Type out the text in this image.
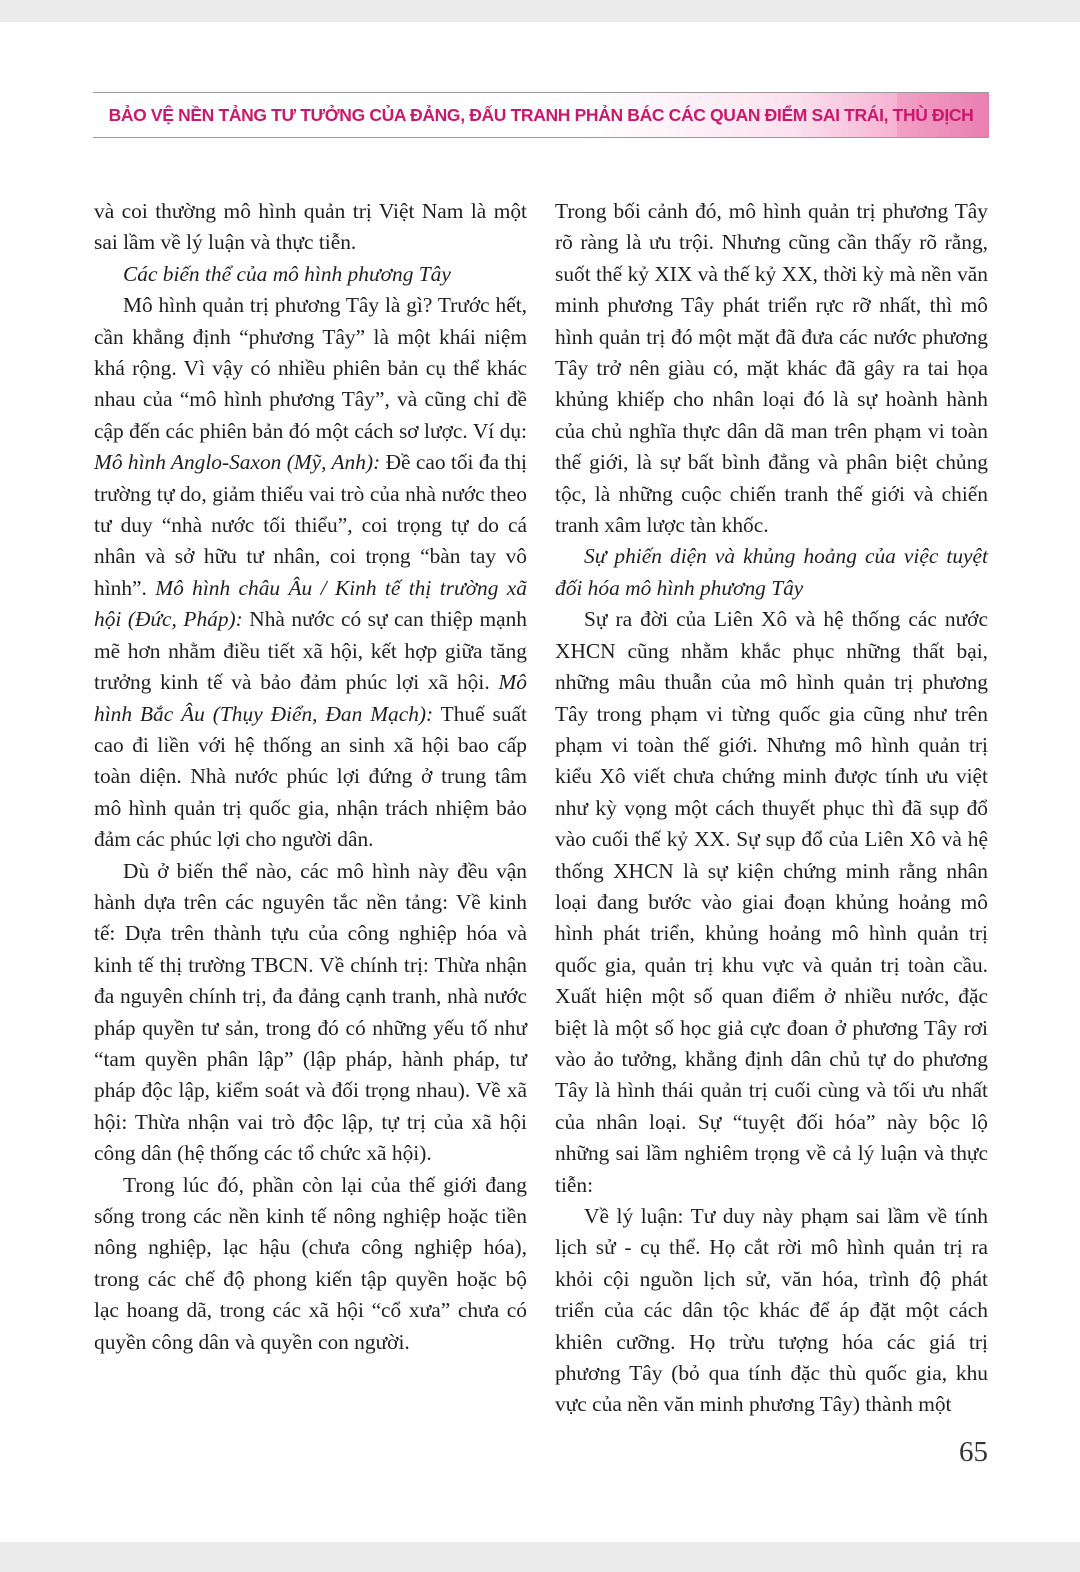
BẢO VỆ NỀN TẢNG TƯ TƯỞNG CỦA ĐẢNG, ĐẤU TRANH PHẢN BÁC CÁC QUAN ĐIỂM SAI TRÁI, THÙ ĐỊCH

và coi thường mô hình quản trị Việt Nam là một sai lầm về lý luận và thực tiễn.

Các biến thể của mô hình phương Tây

Mô hình quản trị phương Tây là gì? Trước hết, cần khẳng định “phương Tây” là một khái niệm khá rộng. Vì vậy có nhiều phiên bản cụ thể khác nhau của “mô hình phương Tây”, và cũng chỉ đề cập đến các phiên bản đó một cách sơ lược. Ví dụ: Mô hình Anglo-Saxon (Mỹ, Anh): Đề cao tối đa thị trường tự do, giảm thiểu vai trò của nhà nước theo tư duy “nhà nước tối thiểu”, coi trọng tự do cá nhân và sở hữu tư nhân, coi trọng “bàn tay vô hình”. Mô hình châu Âu / Kinh tế thị trường xã hội (Đức, Pháp): Nhà nước có sự can thiệp mạnh mẽ hơn nhằm điều tiết xã hội, kết hợp giữa tăng trưởng kinh tế và bảo đảm phúc lợi xã hội. Mô hình Bắc Âu (Thụy Điển, Đan Mạch): Thuế suất cao đi liền với hệ thống an sinh xã hội bao cấp toàn diện. Nhà nước phúc lợi đứng ở trung tâm mô hình quản trị quốc gia, nhận trách nhiệm bảo đảm các phúc lợi cho người dân.

Dù ở biến thể nào, các mô hình này đều vận hành dựa trên các nguyên tắc nền tảng: Về kinh tế: Dựa trên thành tựu của công nghiệp hóa và kinh tế thị trường TBCN. Về chính trị: Thừa nhận đa nguyên chính trị, đa đảng cạnh tranh, nhà nước pháp quyền tư sản, trong đó có những yếu tố như “tam quyền phân lập” (lập pháp, hành pháp, tư pháp độc lập, kiểm soát và đối trọng nhau). Về xã hội: Thừa nhận vai trò độc lập, tự trị của xã hội công dân (hệ thống các tổ chức xã hội).

Trong lúc đó, phần còn lại của thế giới đang sống trong các nền kinh tế nông nghiệp hoặc tiền nông nghiệp, lạc hậu (chưa công nghiệp hóa), trong các chế độ phong kiến tập quyền hoặc bộ lạc hoang dã, trong các xã hội “cổ xưa” chưa có quyền công dân và quyền con người.

Trong bối cảnh đó, mô hình quản trị phương Tây rõ ràng là ưu trội. Nhưng cũng cần thấy rõ rằng, suốt thế kỷ XIX và thế kỷ XX, thời kỳ mà nền văn minh phương Tây phát triển rực rỡ nhất, thì mô hình quản trị đó một mặt đã đưa các nước phương Tây trở nên giàu có, mặt khác đã gây ra tai họa khủng khiếp cho nhân loại đó là sự hoành hành của chủ nghĩa thực dân dã man trên phạm vi toàn thế giới, là sự bất bình đẳng và phân biệt chủng tộc, là những cuộc chiến tranh thế giới và chiến tranh xâm lược tàn khốc.

Sự phiến diện và khủng hoảng của việc tuyệt đối hóa mô hình phương Tây

Sự ra đời của Liên Xô và hệ thống các nước XHCN cũng nhằm khắc phục những thất bại, những mâu thuẫn của mô hình quản trị phương Tây trong phạm vi từng quốc gia cũng như trên phạm vi toàn thế giới. Nhưng mô hình quản trị kiểu Xô viết chưa chứng minh được tính ưu việt như kỳ vọng một cách thuyết phục thì đã sụp đổ vào cuối thế kỷ XX. Sự sụp đổ của Liên Xô và hệ thống XHCN là sự kiện chứng minh rằng nhân loại đang bước vào giai đoạn khủng hoảng mô hình phát triển, khủng hoảng mô hình quản trị quốc gia, quản trị khu vực và quản trị toàn cầu. Xuất hiện một số quan điểm ở nhiều nước, đặc biệt là một số học giả cực đoan ở phương Tây rơi vào ảo tưởng, khẳng định dân chủ tự do phương Tây là hình thái quản trị cuối cùng và tối ưu nhất của nhân loại. Sự “tuyệt đối hóa” này bộc lộ những sai lầm nghiêm trọng về cả lý luận và thực tiễn:

Về lý luận: Tư duy này phạm sai lầm về tính lịch sử - cụ thể. Họ cắt rời mô hình quản trị ra khỏi cội nguồn lịch sử, văn hóa, trình độ phát triển của các dân tộc khác để áp đặt một cách khiên cưỡng. Họ trừu tượng hóa các giá trị phương Tây (bỏ qua tính đặc thù quốc gia, khu vực của nền văn minh phương Tây) thành một

65
